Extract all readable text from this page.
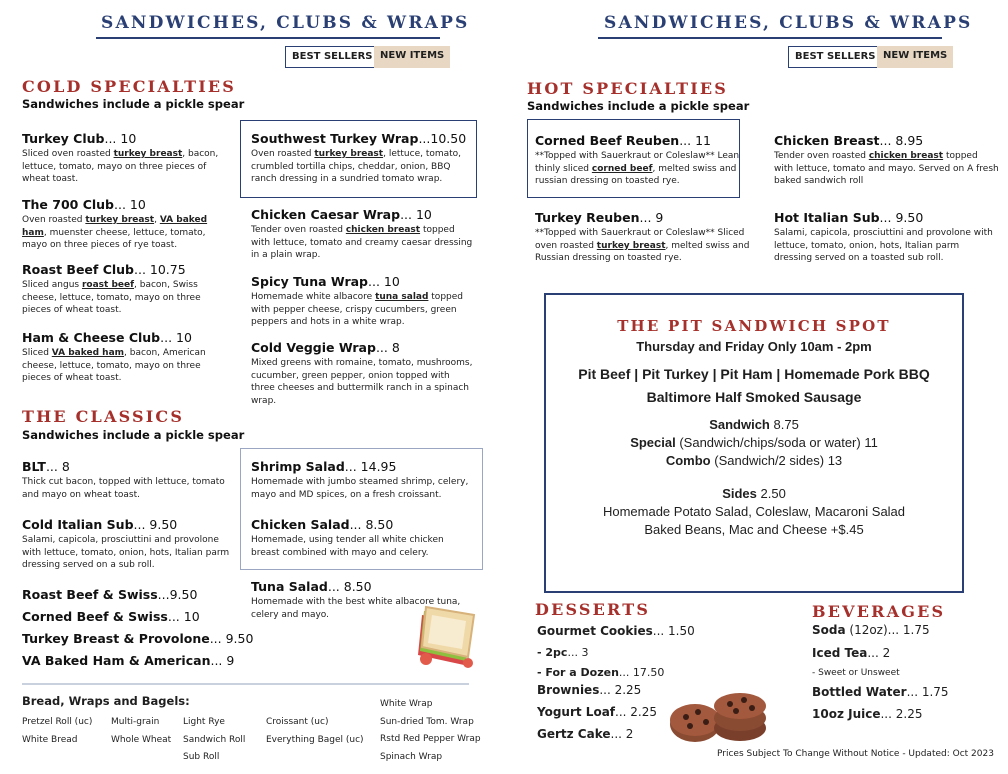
SANDWICHES, CLUBS & WRAPS	SANDWICHES, CLUBS & WRAPS
BEST SELLERS NEW ITEMS	BEST SELLERS NEW ITEMS
COLD SPECIALTIES
Sandwiches include a pickle spear
Turkey Club... 10
Sliced oven roasted turkey breast, bacon, lettuce, tomato, mayo on three pieces of wheat toast.
The 700 Club... 10
Oven roasted turkey breast, VA baked ham, muenster cheese, lettuce, tomato, mayo on three pieces of rye toast.
Roast Beef Club... 10.75
Sliced angus roast beef, bacon, Swiss cheese, lettuce, tomato, mayo on three pieces of wheat toast.
Ham & Cheese Club... 10
Sliced VA baked ham, bacon, American cheese, lettuce, tomato, mayo on three pieces of wheat toast.
Southwest Turkey Wrap...10.50
Oven roasted turkey breast, lettuce, tomato, crumbled tortilla chips, cheddar, onion, BBQ ranch dressing in a sundried tomato wrap.
Chicken Caesar Wrap... 10
Tender oven roasted chicken breast topped with lettuce, tomato and creamy caesar dressing in a plain wrap.
Spicy Tuna Wrap... 10
Homemade white albacore tuna salad topped with pepper cheese, crispy cucumbers, green peppers and hots in a white wrap.
Cold Veggie Wrap... 8
Mixed greens with romaine, tomato, mushrooms, cucumber, green pepper, onion topped with three cheeses and buttermilk ranch in a spinach wrap.
THE CLASSICS
Sandwiches include a pickle spear
BLT... 8
Thick cut bacon, topped with lettuce, tomato and mayo on wheat toast.
Cold Italian Sub... 9.50
Salami, capicola, prosciuttini and provolone with lettuce, tomato, onion, hots, Italian parm dressing served on a sub roll.
Roast Beef & Swiss...9.50
Corned Beef & Swiss... 10
Turkey Breast & Provolone... 9.50
VA Baked Ham & American... 9
Shrimp Salad... 14.95
Homemade with jumbo steamed shrimp, celery, mayo and MD spices, on a fresh croissant.
Chicken Salad... 8.50
Homemade, using tender all white chicken breast combined with mayo and celery.
Tuna Salad... 8.50
Homemade with the best white albacore tuna, celery and mayo.
Bread, Wraps and Bagels:
Pretzel Roll (uc)
White Bread
Multi-grain
Whole Wheat
Light Rye
Sandwich Roll
Sub Roll
Croissant (uc)
Everything Bagel (uc)
White Wrap
Sun-dried Tom. Wrap
Rstd Red Pepper Wrap
Spinach Wrap
HOT SPECIALTIES
Sandwiches include a pickle spear
Corned Beef Reuben... 11
**Topped with Sauerkraut or Coleslaw** Lean thinly sliced corned beef, melted swiss and russian dressing on toasted rye.
Chicken Breast... 8.95
Tender oven roasted chicken breast topped with lettuce, tomato and mayo. Served on A fresh baked sandwich roll
Turkey Reuben... 9
**Topped with Sauerkraut or Coleslaw** Sliced oven roasted turkey breast, melted swiss and Russian dressing on toasted rye.
Hot Italian Sub... 9.50
Salami, capicola, prosciuttini and provolone with lettuce, tomato, onion, hots, Italian parm dressing served on a toasted sub roll.
THE PIT SANDWICH SPOT
Thursday and Friday Only 10am - 2pm
Pit Beef | Pit Turkey | Pit Ham | Homemade Pork BBQ
Baltimore Half Smoked Sausage
Sandwich 8.75
Special (Sandwich/chips/soda or water) 11
Combo (Sandwich/2 sides) 13
Sides 2.50
Homemade Potato Salad, Coleslaw, Macaroni Salad
Baked Beans, Mac and Cheese +$.45
DESSERTS
Gourmet Cookies... 1.50
- 2pc... 3
- For a Dozen... 17.50
Brownies... 2.25
Yogurt Loaf... 2.25
Gertz Cake... 2
BEVERAGES
Soda (12oz)... 1.75
Iced Tea... 2
- Sweet or Unsweet
Bottled Water... 1.75
10oz Juice... 2.25
Prices Subject To Change Without Notice - Updated: Oct 2023
